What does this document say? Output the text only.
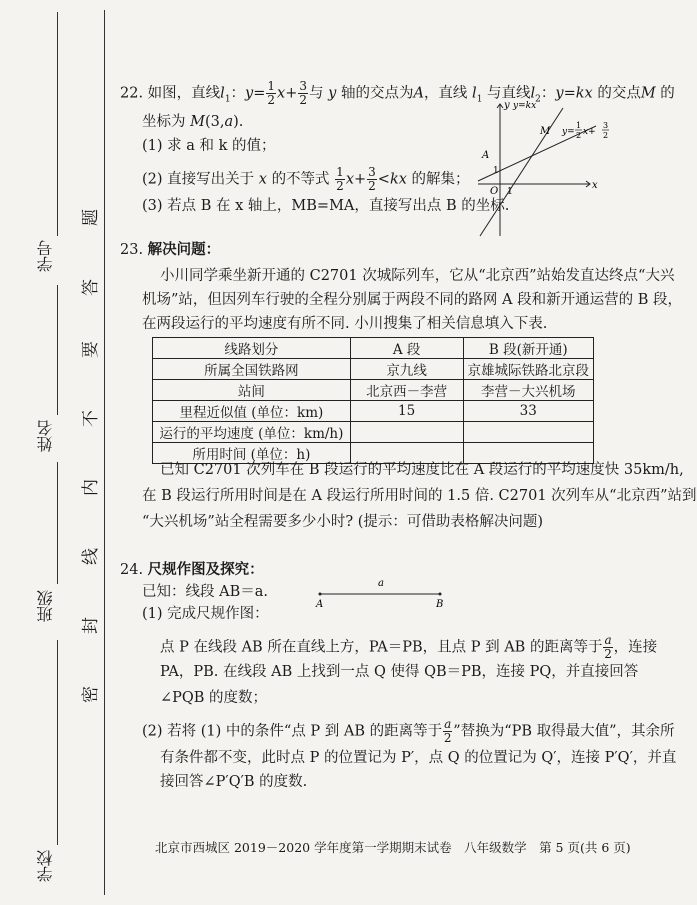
学号
姓名
班级
学校
密
封
线
内
不
要
答
题
22. 如图，直线$l_1$：$y= \frac{1}{2} x+ \frac{3}{2}$ 与 y 轴的交点为A，直线 $l_1$ 与直线$l_2$：y=kx 的交点M 的
坐标为 M(3,a).
(1) 求 a 和 k 的值；
(2) 直接写出关于 x 的不等式 $\frac{1}{2} x+ \frac{3}{2} <kx$ 的解集；
(3) 若点 B 在 x 轴上，MB=MA，直接写出点 B 的坐标.
y=kx
M
A
O 1
1
x
y
y=
1
2 x+
3
2
23. 解决问题：
小川同学乘坐新开通的 C2701 次城际列车，它从“北京西”站始发直达终点“大兴
机场”站，但因列车行驶的全程分别属于两段不同的路网 A 段和新开通运营的 B 段，
在两段运行的平均速度有所不同. 小川搜集了相关信息填入下表.
线路划分	A 段	B 段(新开通)
所属全国铁路网	京九线	京雄城际铁路北京段
站间	北京西－李营	李营－大兴机场
里程近似值 (单位：km)	15	33
运行的平均速度 (单位：km/h)		
所用时间 (单位：h)		
已知 C2701 次列车在 B 段运行的平均速度比在 A 段运行的平均速度快 35km/h,
在 B 段运行所用时间是在 A 段运行所用时间的 1.5 倍. C2701 次列车从“北京西”站到
“大兴机场”站全程需要多少小时? (提示：可借助表格解决问题)
24. 尺规作图及探究：
已知：线段 AB＝a.
a
A	B
(1) 完成尺规作图：
点 P 在线段 AB 所在直线上方，PA＝PB，且点 P 到 AB 的距离等于 $\frac{a}{2}$ ，连接
PA，PB. 在线段 AB 上找到一点 Q 使得 QB＝PB，连接 PQ，并直接回答
∠PQB 的度数；
(2) 若将 (1) 中的条件“点 P 到 AB 的距离等于 $\frac{a}{2}$ ”替换为“PB 取得最大值”，其余所
有条件都不变，此时点 P 的位置记为 P′，点 Q 的位置记为 Q′，连接 P′Q′，并直
接回答∠P′Q′B 的度数.
北京市西城区 2019－2020 学年度第一学期期末试卷　八年级数学　第 5 页(共 6 页)
